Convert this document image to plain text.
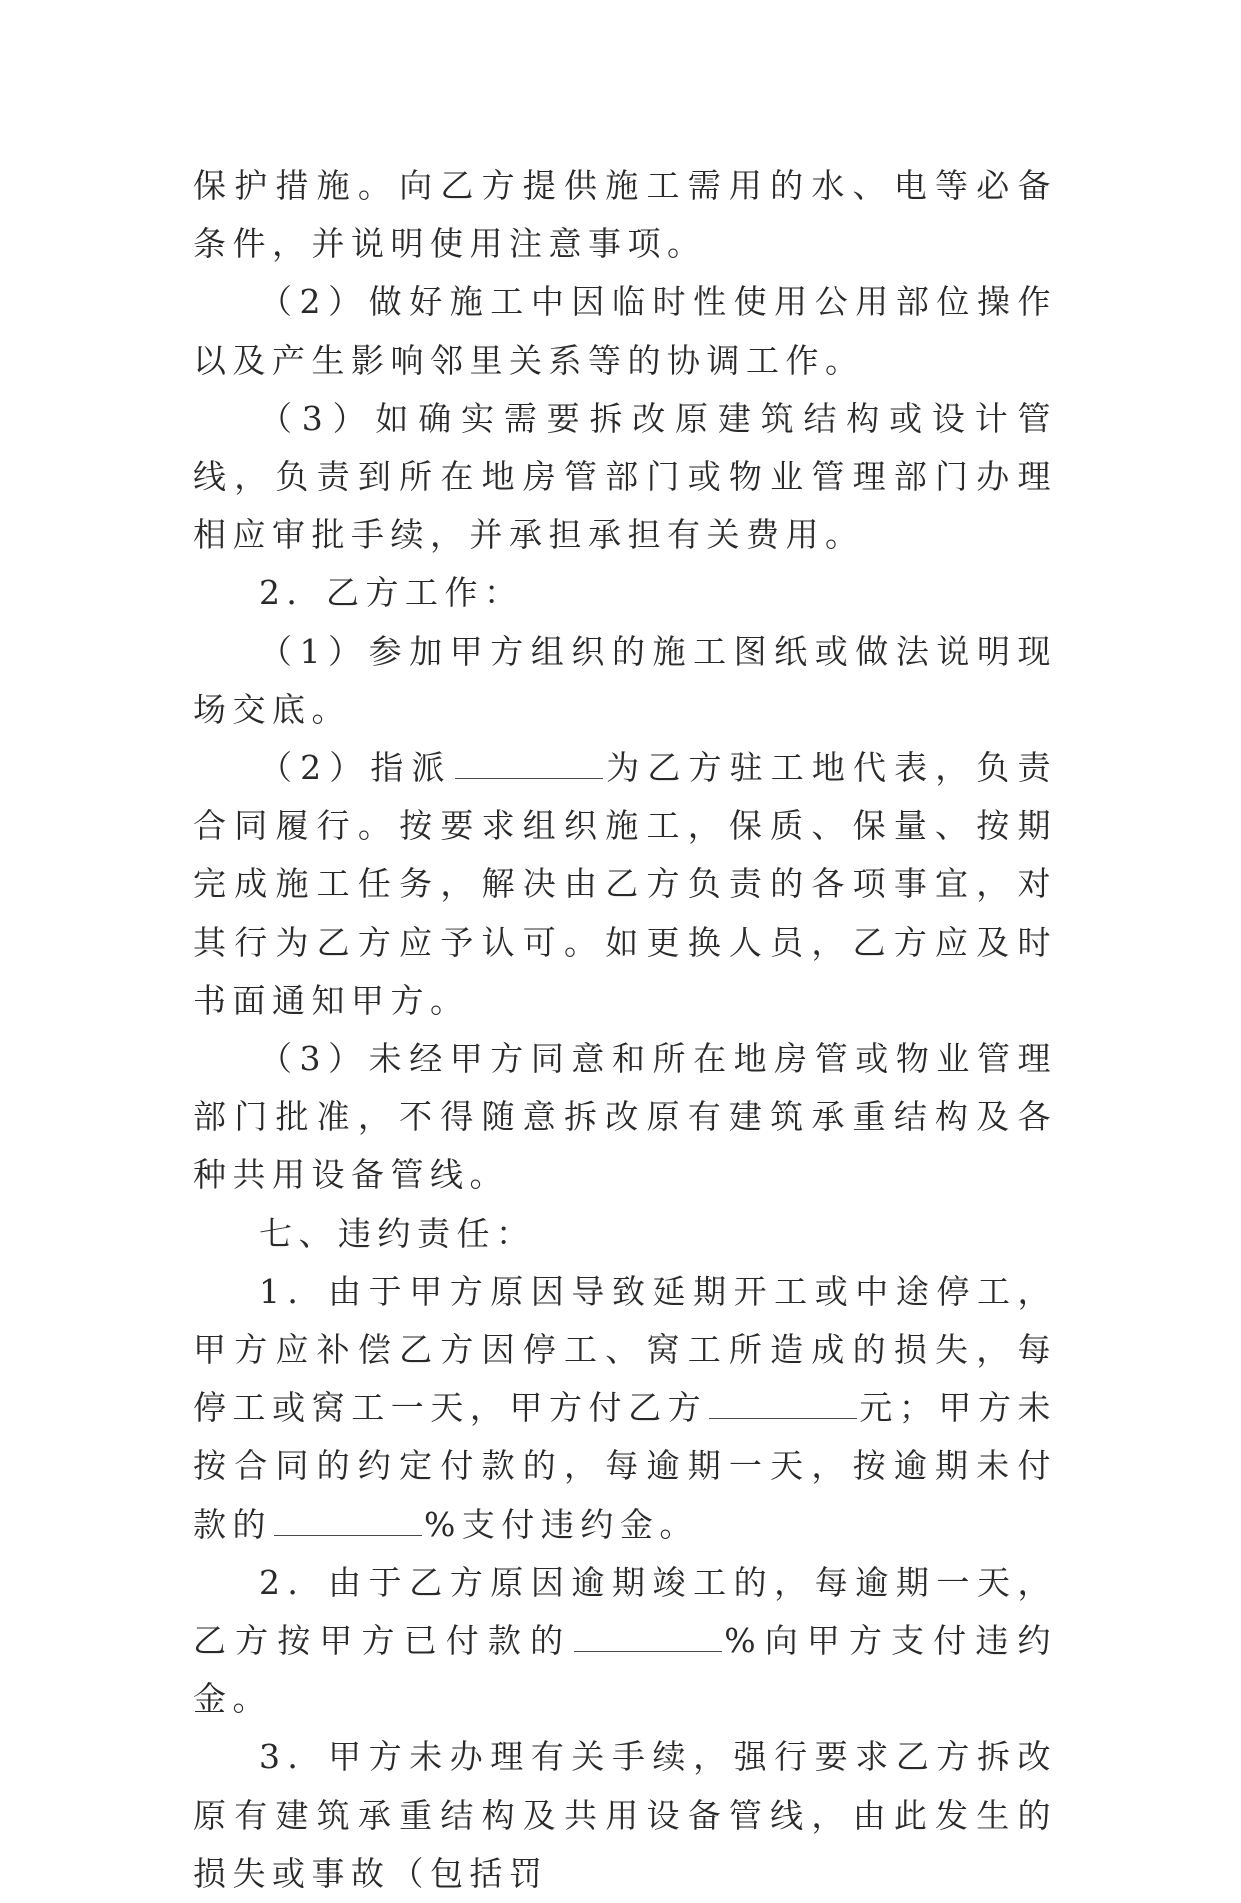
保护措施。向乙方提供施工需用的水、电等必备条件，并说明使用注意事项。

（2）做好施工中因临时性使用公用部位操作以及产生影响邻里关系等的协调工作。

（3）如确实需要拆改原建筑结构或设计管线，负责到所在地房管部门或物业管理部门办理相应审批手续，并承担承担有关费用。

2．乙方工作：

（1）参加甲方组织的施工图纸或做法说明现场交底。

（2）指派	为乙方驻工地代表，负责合同履行。按要求组织施工，保质、保量、按期完成施工任务，解决由乙方负责的各项事宜，对其行为乙方应予认可。如更换人员，乙方应及时书面通知甲方。

（3）未经甲方同意和所在地房管或物业管理部门批准，不得随意拆改原有建筑承重结构及各种共用设备管线。

七、违约责任：

1．由于甲方原因导致延期开工或中途停工，甲方应补偿乙方因停工、窝工所造成的损失，每停工或窝工一天，甲方付乙方	元；甲方未按合同的约定付款的，每逾期一天，按逾期未付款的	%支付违约金。

2．由于乙方原因逾期竣工的，每逾期一天，乙方按甲方已付款的	%向甲方支付违约金。

3．甲方未办理有关手续，强行要求乙方拆改原有建筑承重结构及共用设备管线，由此发生的损失或事故（包括罚
